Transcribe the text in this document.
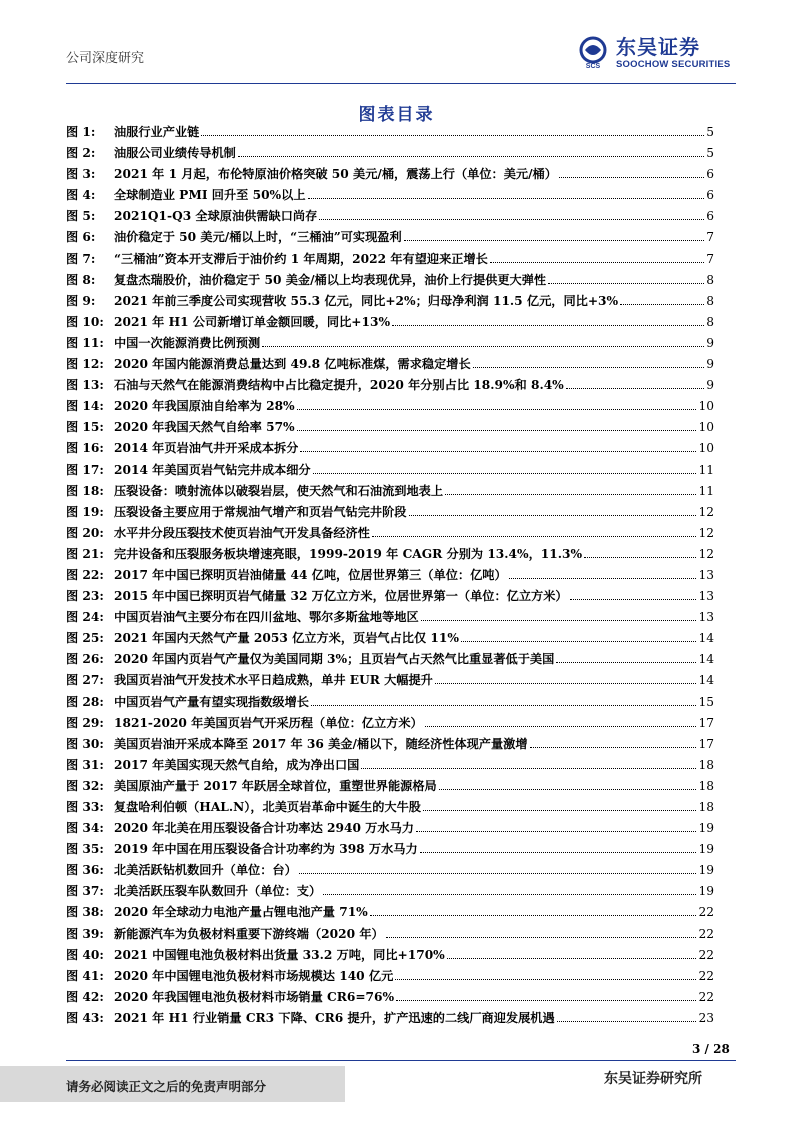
公司深度研究
SCS
东吴证券
SOOCHOW SECURITIES
图表目录
图 1:	油服行业产业链	5
图 2:	油服公司业绩传导机制	5
图 3:	2021 年 1 月起，布伦特原油价格突破 50 美元/桶，震荡上行（单位：美元/桶）	6
图 4:	全球制造业 PMI 回升至 50%以上	6
图 5:	2021Q1-Q3 全球原油供需缺口尚存	6
图 6:	油价稳定于 50 美元/桶以上时，“三桶油”可实现盈利	7
图 7:	“三桶油”资本开支滞后于油价约 1 年周期，2022 年有望迎来正增长	7
图 8:	复盘杰瑞股价，油价稳定于 50 美金/桶以上均表现优异，油价上行提供更大弹性	8
图 9:	2021 年前三季度公司实现营收 55.3 亿元，同比+2%；归母净利润 11.5 亿元，同比+3%	8
图 10: 2021 年 H1 公司新增订单金额回暖，同比+13%	8
图 11: 中国一次能源消费比例预测	9
图 12: 2020 年国内能源消费总量达到 49.8 亿吨标准煤，需求稳定增长	9
图 13: 石油与天然气在能源消费结构中占比稳定提升，2020 年分别占比 18.9%和 8.4%	9
图 14: 2020 年我国原油自给率为 28%	10
图 15: 2020 年我国天然气自给率 57%	10
图 16: 2014 年页岩油气井开采成本拆分	10
图 17: 2014 年美国页岩气钻完井成本细分	11
图 18: 压裂设备：喷射流体以破裂岩层，使天然气和石油流到地表上	11
图 19: 压裂设备主要应用于常规油气增产和页岩气钻完井阶段	12
图 20: 水平井分段压裂技术使页岩油气开发具备经济性	12
图 21: 完井设备和压裂服务板块增速亮眼，1999-2019 年 CAGR 分别为 13.4%，11.3%	12
图 22: 2017 年中国已探明页岩油储量 44 亿吨，位居世界第三（单位：亿吨）	13
图 23: 2015 年中国已探明页岩气储量 32 万亿立方米，位居世界第一（单位：亿立方米）	13
图 24: 中国页岩油气主要分布在四川盆地、鄂尔多斯盆地等地区	13
图 25: 2021 年国内天然气产量 2053 亿立方米，页岩气占比仅 11%	14
图 26: 2020 年国内页岩气产量仅为美国同期 3%；且页岩气占天然气比重显著低于美国	14
图 27: 我国页岩油气开发技术水平日趋成熟，单井 EUR 大幅提升	14
图 28: 中国页岩气产量有望实现指数级增长	15
图 29: 1821-2020 年美国页岩气开采历程（单位：亿立方米）	17
图 30: 美国页岩油开采成本降至 2017 年 36 美金/桶以下，随经济性体现产量激增	17
图 31: 2017 年美国实现天然气自给，成为净出口国	18
图 32: 美国原油产量于 2017 年跃居全球首位，重塑世界能源格局	18
图 33: 复盘哈利伯顿（HAL.N），北美页岩革命中诞生的大牛股	18
图 34: 2020 年北美在用压裂设备合计功率达 2940 万水马力	19
图 35: 2019 年中国在用压裂设备合计功率约为 398 万水马力	19
图 36: 北美活跃钻机数回升（单位：台）	19
图 37: 北美活跃压裂车队数回升（单位：支）	19
图 38: 2020 年全球动力电池产量占锂电池产量 71%	22
图 39: 新能源汽车为负极材料重要下游终端（2020 年）	22
图 40: 2021 中国锂电池负极材料出货量 33.2 万吨，同比+170%	22
图 41: 2020 年中国锂电池负极材料市场规模达 140 亿元	22
图 42: 2020 年我国锂电池负极材料市场销量 CR6=76%	22
图 43: 2021 年 H1 行业销量 CR3 下降、CR6 提升，扩产迅速的二线厂商迎发展机遇	23
3 / 28
请务必阅读正文之后的免责声明部分	东吴证券研究所
